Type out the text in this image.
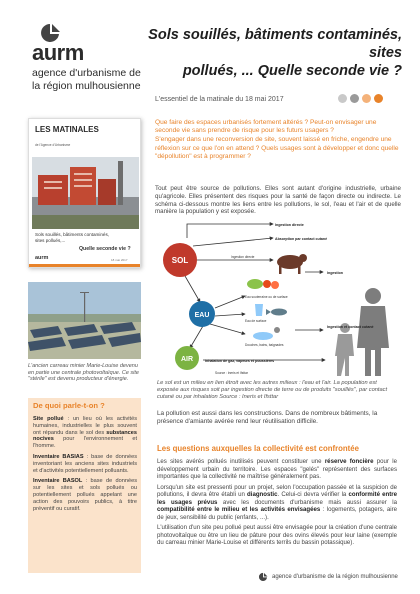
aurm
agence d'urbanisme de
la région mulhousienne
Sols souillés, bâtiments contaminés, sites
pollués, ... Quelle seconde vie ?
L'essentiel de la matinale du 18 mai 2017

Que faire des espaces urbanisés fortement altérés ? Peut-on envisager une seconde vie sans prendre de risque pour les futurs usagers ?

S'engager dans une reconversion de site, souvent laissé en friche, engendre une réflexion sur ce que l'on en attend ? Quels usages sont à développer et donc quelle "dépollution" est à programmer ?

LES MATINALES
de l'Agence d'Urbanisme
Sols souillés, bâtiments contaminés,
sites pollués,...
Quelle seconde vie ?
aurm	18 mai 2017
Tout peut être source de pollutions. Elles sont autant d'origine industrielle, urbaine qu'agricole. Elles présentent des risques pour la santé de façon directe ou indirecte. Le schéma ci-dessous montre les liens entre les pollutions, le sol, l'eau et l'air et de quelle manière la population y est exposée.
SOL
EAU
AIR
Ingestion directe
Absorption par contact cutané
Ingestion
Ingestion et contact cutané
Inhalation de gaz, vapeurs et poussières
Ingestion directe
Eau souterraine ou de surface
Eau de surface
Douches, bains, baignades
Source : Ineris et Ifsttar
Le sol est un milieu en lien étroit avec les autres milieux : l'eau et l'air. La population est exposée aux risques soit par ingestion directe de terre ou de produits "souillés", par contact cutané ou par inhalation Source : Ineris et Ifsttar
La pollution est aussi dans les constructions. Dans de nombreux bâtiments, la présence d'amiante avérée rend leur réutilisation difficile.
Les questions auxquelles la collectivité est confrontée

Les sites avérés pollués inutilisés peuvent constituer une réserve foncière pour le développement urbain du territoire. Les espaces "gelés" représentent des surfaces importantes que la collectivité ne maîtrise généralement pas.

Lorsqu'un site est pressenti pour un projet, selon l'occupation passée et la suspicion de pollutions, il devra être établi un diagnostic. Celui-ci devra vérifier la conformité entre les usages prévus avec les documents d'urbanisme mais aussi assurer la compatibilité entre le milieu et les activités envisagées : logements, potagers, aire de jeux, sensibilité du public (enfants, ...).

L'utilisation d'un site peu pollué peut aussi être envisagée pour la création d'une centrale photovoltaïque ou être un lieu de pâture pour des ovins élevés pour leur laine (exemple du carreau minier Marie-Louise et différents terrils du bassin potassique).

L'ancien carreau minier Marie-Louise devenu en partie une centrale photovoltaïque. Ce site "stérile" est devenu producteur d'énergie.
De quoi parle-t-on ?

Site pollué : un lieu où les activités humaines, industrielles le plus souvent ont répandu dans le sol des substances nocives pour l'environnement et l'homme.

Inventaire BASIAS : base de données inventoriant les anciens sites industriels et d'activités potentiellement polluants.

Inventaire BASOL : base de données sur les sites et sols pollués ou potentiellement pollués appelant une action des pouvoirs publics, à titre préventif ou curatif.

agence d'urbanisme de la région mulhousienne
